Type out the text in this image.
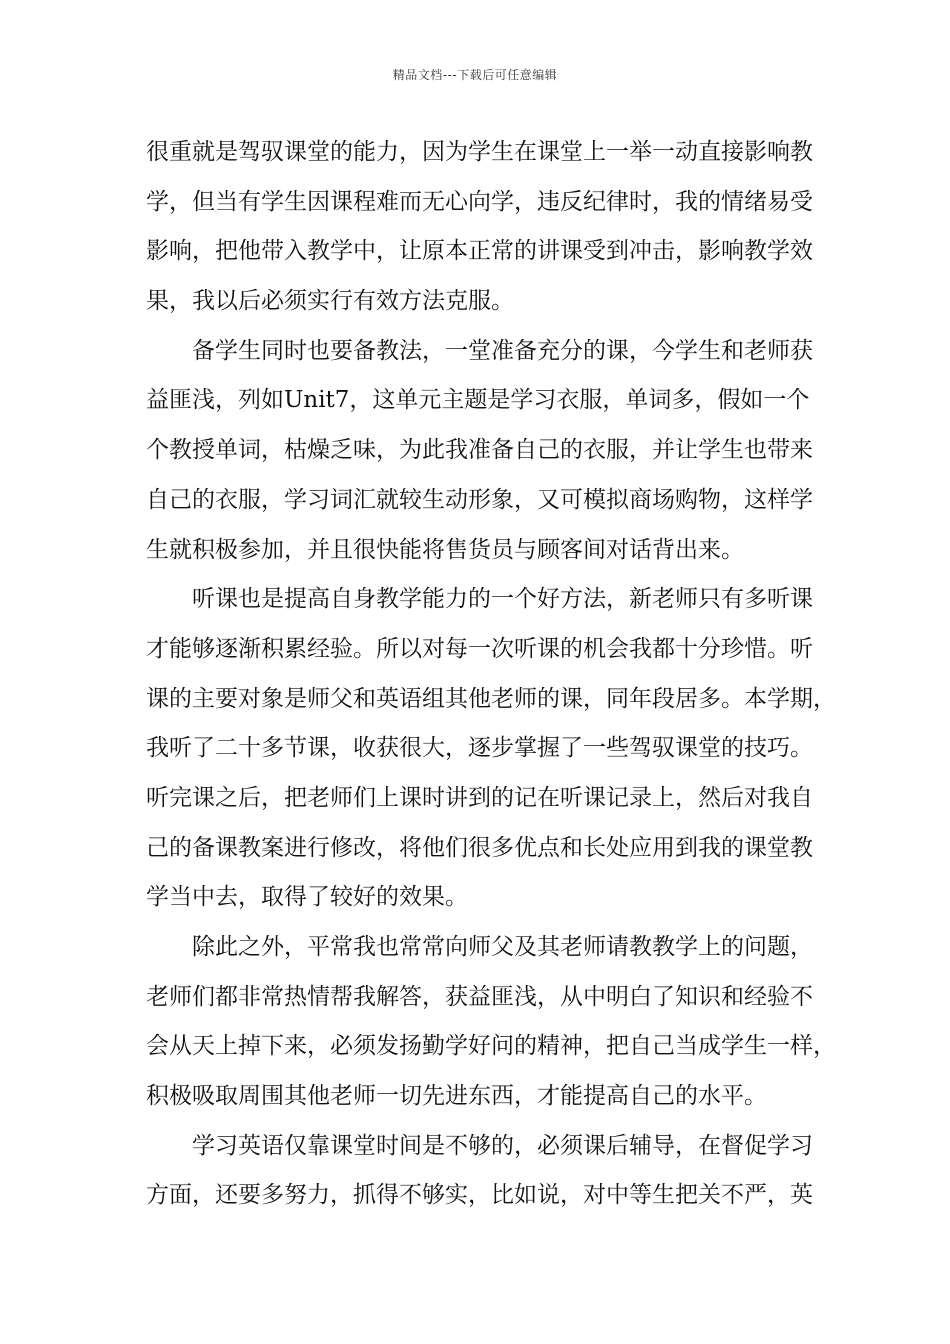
精品文档---下载后可任意编辑
很重就是驾驭课堂的能力，因为学生在课堂上一举一动直接影响教
学，但当有学生因课程难而无心向学，违反纪律时，我的情绪易受
影响，把他带入教学中，让原本正常的讲课受到冲击，影响教学效
果，我以后必须实行有效方法克服。
备学生同时也要备教法，一堂准备充分的课，今学生和老师获
益匪浅，列如Unit7，这单元主题是学习衣服，单词多，假如一个
个教授单词，枯燥乏味，为此我准备自己的衣服，并让学生也带来
自己的衣服，学习词汇就较生动形象，又可模拟商场购物，这样学
生就积极参加，并且很快能将售货员与顾客间对话背出来。
听课也是提高自身教学能力的一个好方法，新老师只有多听课
才能够逐渐积累经验。所以对每一次听课的机会我都十分珍惜。听
课的主要对象是师父和英语组其他老师的课，同年段居多。本学期，
我听了二十多节课，收获很大，逐步掌握了一些驾驭课堂的技巧。
听完课之后，把老师们上课时讲到的记在听课记录上，然后对我自
己的备课教案进行修改，将他们很多优点和长处应用到我的课堂教
学当中去，取得了较好的效果。
除此之外，平常我也常常向师父及其老师请教教学上的问题，
老师们都非常热情帮我解答，获益匪浅，从中明白了知识和经验不
会从天上掉下来，必须发扬勤学好问的精神，把自己当成学生一样，
积极吸取周围其他老师一切先进东西，才能提高自己的水平。
学习英语仅靠课堂时间是不够的，必须课后辅导，在督促学习
方面，还要多努力，抓得不够实，比如说，对中等生把关不严，英
